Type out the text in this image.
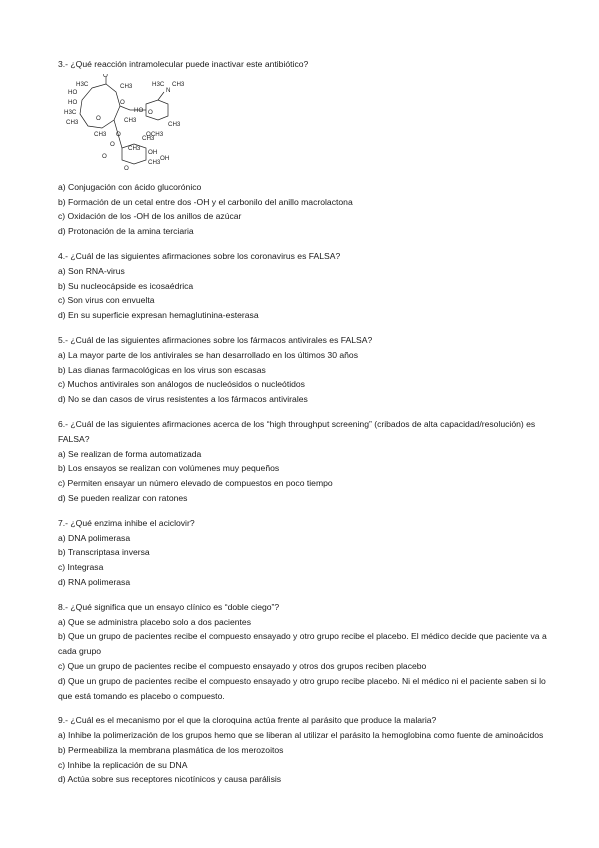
3.- ¿Qué reacción intramolecular puede inactivar este antibiótico?

O
HO
HO
H3C
H3C
CH3
CH3
CH3
O
O
CH3
CH3
H3C
N
CH3
O
HO
O
O
O
CH3
OCH3
CH3
OH
CH3
OH
O

a) Conjugación con ácido glucorónico

b) Formación de un cetal entre dos -OH y el carbonilo del anillo macrolactona

c) Oxidación de los -OH de los anillos de azúcar

d) Protonación de la amina terciaria

4.- ¿Cuál de las siguientes afirmaciones sobre los coronavirus es FALSA?

a) Son RNA-virus

b) Su nucleocápside es icosaédrica

c) Son virus con envuelta

d) En su superficie expresan hemaglutinina-esterasa

5.- ¿Cuál de las siguientes afirmaciones sobre los fármacos antivirales es FALSA?

a) La mayor parte de los antivirales se han desarrollado en los últimos 30 años

b) Las dianas farmacológicas en los virus son escasas

c) Muchos antivirales son análogos de nucleósidos o nucleótidos

d) No se dan casos de virus resistentes a los fármacos antivirales

6.- ¿Cuál de las siguientes afirmaciones acerca de los “high throughput screening” (cribados de alta capacidad/resolución) es FALSA?

a) Se realizan de forma automatizada

b) Los ensayos se realizan con volúmenes muy pequeños

c) Permiten ensayar un número elevado de compuestos en poco tiempo

d) Se pueden realizar con ratones

7.- ¿Qué enzima inhibe el aciclovir?

a) DNA polimerasa

b) Transcriptasa inversa

c) Integrasa

d) RNA polimerasa

8.- ¿Qué significa que un ensayo clínico es “doble ciego”?

a) Que se administra placebo solo a dos pacientes

b) Que un grupo de pacientes recibe el compuesto ensayado y otro grupo recibe el placebo. El médico decide que paciente va a cada grupo

c) Que un grupo de pacientes recibe el compuesto ensayado y otros dos grupos reciben placebo

d) Que un grupo de pacientes recibe el compuesto ensayado y otro grupo recibe placebo. Ni el médico ni el paciente saben si lo que está tomando es placebo o compuesto.

9.- ¿Cuál es el mecanismo por el que la cloroquina actúa frente al parásito que produce la malaria?

a) Inhibe la polimerización de los grupos hemo que se liberan al utilizar el parásito la hemoglobina como fuente de aminoácidos

b) Permeabiliza la membrana plasmática de los merozoitos

c) Inhibe la replicación de su DNA

d) Actúa sobre sus receptores nicotínicos y causa parálisis
